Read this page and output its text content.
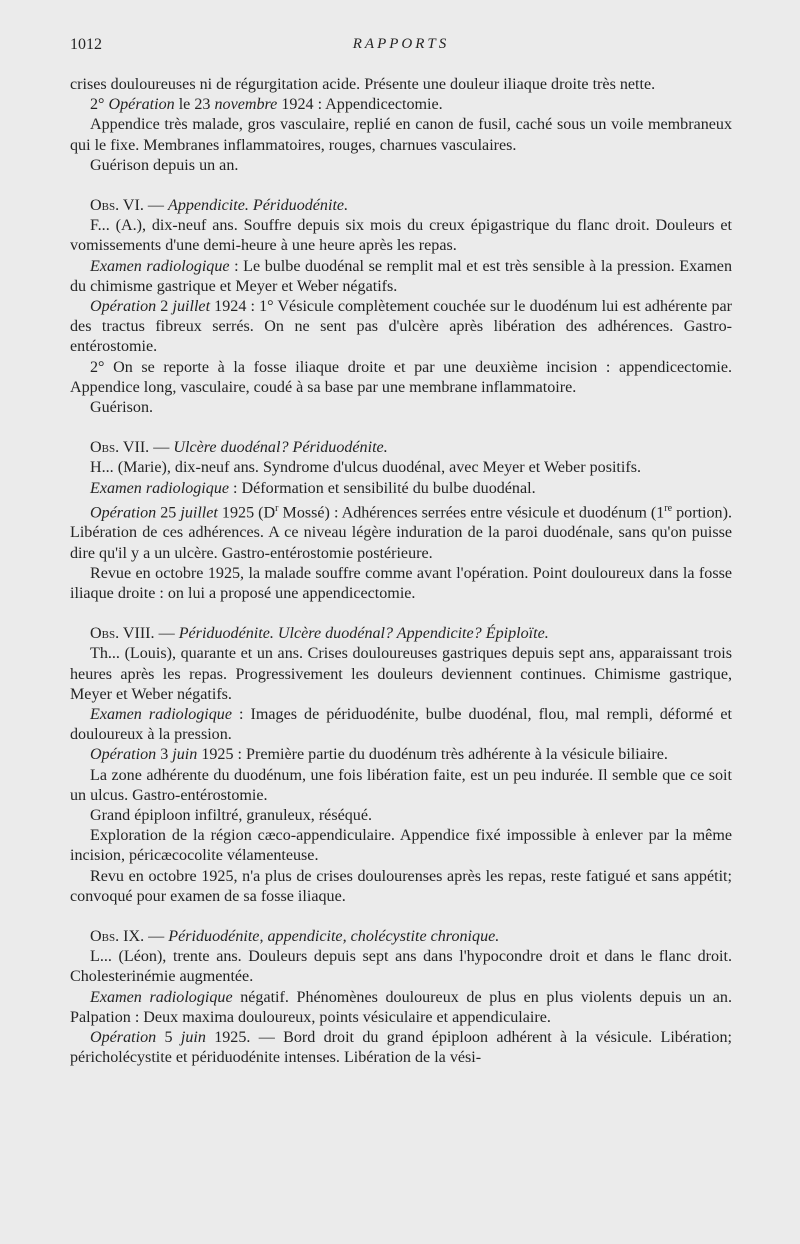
1012	RAPPORTS

crises douloureuses ni de régurgitation acide. Présente une douleur iliaque droite très nette.

2° Opération le 23 novembre 1924 : Appendicectomie.

Appendice très malade, gros vasculaire, replié en canon de fusil, caché sous un voile membraneux qui le fixe. Membranes inflammatoires, rouges, charnues vasculaires.

Guérison depuis un an.

Obs. VI. — Appendicite. Périduodénite.

F... (A.), dix-neuf ans. Souffre depuis six mois du creux épigastrique du flanc droit. Douleurs et vomissements d'une demi-heure à une heure après les repas.

Examen radiologique : Le bulbe duodénal se remplit mal et est très sensible à la pression. Examen du chimisme gastrique et Meyer et Weber négatifs.

Opération 2 juillet 1924 : 1° Vésicule complètement couchée sur le duodénum lui est adhérente par des tractus fibreux serrés. On ne sent pas d'ulcère après libération des adhérences. Gastro-entérostomie.

2° On se reporte à la fosse iliaque droite et par une deuxième incision : appendicectomie. Appendice long, vasculaire, coudé à sa base par une membrane inflammatoire.

Guérison.

Obs. VII. — Ulcère duodénal? Périduodénite.

H... (Marie), dix-neuf ans. Syndrome d'ulcus duodénal, avec Meyer et Weber positifs.

Examen radiologique : Déformation et sensibilité du bulbe duodénal.

Opération 25 juillet 1925 ($D^r$ Mossé) : Adhérences serrées entre vésicule et duodénum (1re portion). Libération de ces adhérences. A ce niveau légère induration de la paroi duodénale, sans qu'on puisse dire qu'il y a un ulcère. Gastro-entérostomie postérieure.

Revue en octobre 1925, la malade souffre comme avant l'opération. Point douloureux dans la fosse iliaque droite : on lui a proposé une appendicectomie.

Obs. VIII. — Périduodénite. Ulcère duodénal? Appendicite? Épiploïte.

Th... (Louis), quarante et un ans. Crises douloureuses gastriques depuis sept ans, apparaissant trois heures après les repas. Progressivement les douleurs deviennent continues. Chimisme gastrique, Meyer et Weber négatifs.

Examen radiologique : Images de périduodénite, bulbe duodénal, flou, mal rempli, déformé et douloureux à la pression.

Opération 3 juin 1925 : Première partie du duodénum très adhérente à la vésicule biliaire.

La zone adhérente du duodénum, une fois libération faite, est un peu indurée. Il semble que ce soit un ulcus. Gastro-entérostomie.

Grand épiploon infiltré, granuleux, réséqué.

Exploration de la région cæco-appendiculaire. Appendice fixé impossible à enlever par la même incision, péricæcocolite vélamenteuse.

Revu en octobre 1925, n'a plus de crises doulourenses après les repas, reste fatigué et sans appétit; convoqué pour examen de sa fosse iliaque.

Obs. IX. — Périduodénite, appendicite, cholécystite chronique.

L... (Léon), trente ans. Douleurs depuis sept ans dans l'hypocondre droit et dans le flanc droit. Cholesterinémie augmentée.

Examen radiologique négatif. Phénomènes douloureux de plus en plus violents depuis un an. Palpation : Deux maxima douloureux, points vésiculaire et appendiculaire.

Opération 5 juin 1925. — Bord droit du grand épiploon adhérent à la vésicule. Libération; péricholécystite et périduodénite intenses. Libération de la vési-
